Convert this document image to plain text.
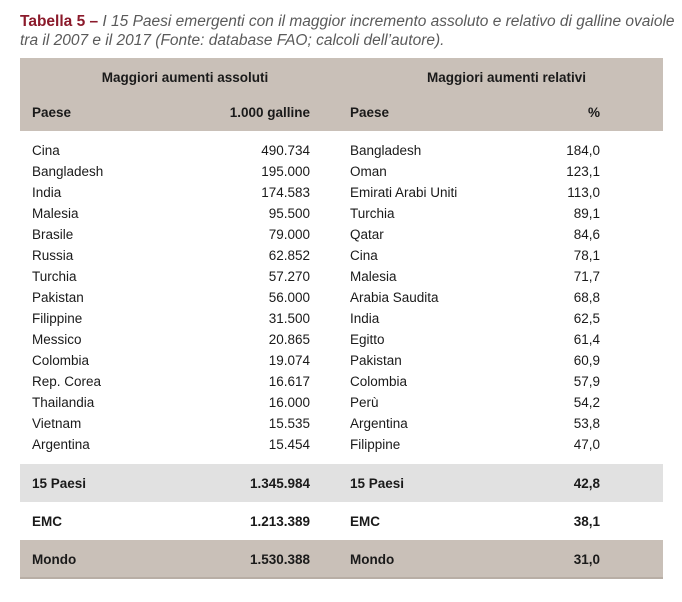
Tabella 5 – I 15 Paesi emergenti con il maggior incremento assoluto e relativo di galline ovaiole tra il 2007 e il 2017 (Fonte: database FAO; calcoli dell’autore).
Maggiori aumenti assoluti	Maggiori aumenti relativi
Paese	1.000 galline	Paese	%
Cina	490.734	Bangladesh	184,0
Bangladesh	195.000	Oman	123,1
India	174.583	Emirati Arabi Uniti	113,0
Malesia	95.500	Turchia	89,1
Brasile	79.000	Qatar	84,6
Russia	62.852	Cina	78,1
Turchia	57.270	Malesia	71,7
Pakistan	56.000	Arabia Saudita	68,8
Filippine	31.500	India	62,5
Messico	20.865	Egitto	61,4
Colombia	19.074	Pakistan	60,9
Rep. Corea	16.617	Colombia	57,9
Thailandia	16.000	Perù	54,2
Vietnam	15.535	Argentina	53,8
Argentina	15.454	Filippine	47,0
15 Paesi	1.345.984	15 Paesi	42,8
EMC	1.213.389	EMC	38,1
Mondo	1.530.388	Mondo	31,0
